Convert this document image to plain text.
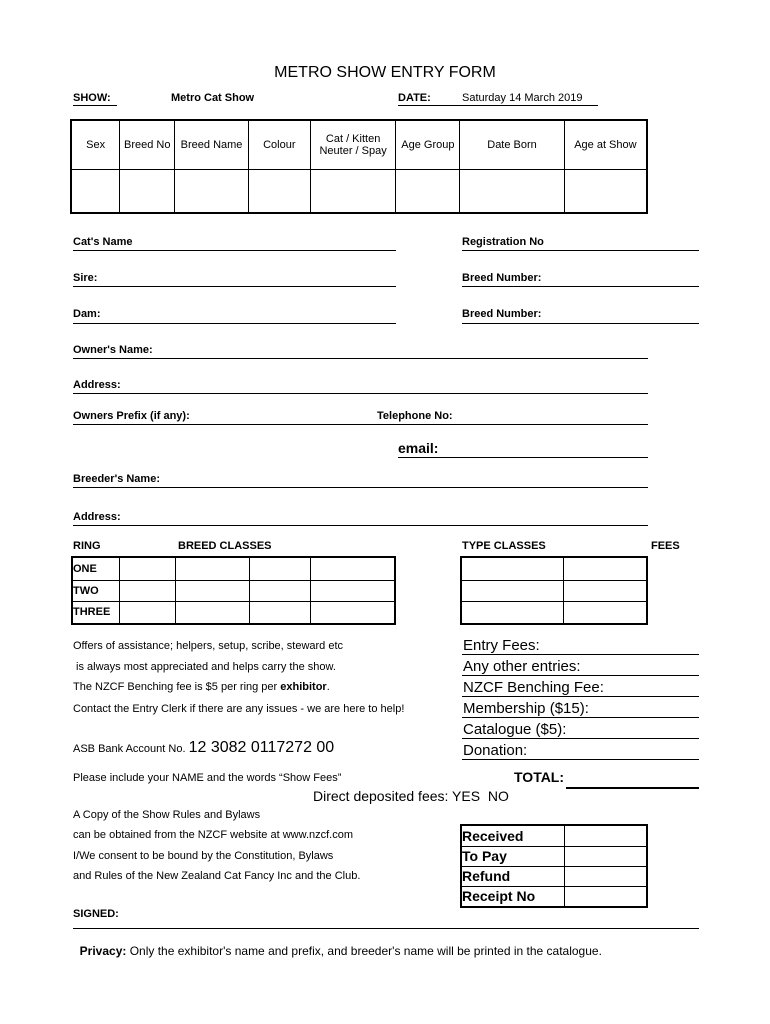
METRO SHOW ENTRY FORM
SHOW:	Metro Cat Show	DATE:	Saturday 14 March 2019
Sex	Breed No	Breed Name	Colour	Cat / Kitten Neuter / Spay	Age Group	Date Born	Age at Show

Cat's Name	Registration No
Sire:	Breed Number:
Dam:	Breed Number:
Owner's Name:
Address:
Owners Prefix (if any):	Telephone No:
email:
Breeder's Name:
Address:
RING	BREED CLASSES	TYPE CLASSES	FEES
ONE				
TWO				
THREE				

Offers of assistance; helpers, setup, scribe, steward etc
is always most appreciated and helps carry the show.
The NZCF Benching fee is $5 per ring per exhibitor.
Contact the Entry Clerk if there are any issues - we are here to help!
ASB Bank Account No. 12 3082 0117272 00
Please include your NAME and the words “Show Fees”
Direct deposited fees: YES  NO
A Copy of the Show Rules and Bylaws
can be obtained from the NZCF website at www.nzcf.com
I/We consent to be bound by the Constitution, Bylaws
and Rules of the New Zealand Cat Fancy Inc and the Club.
Entry Fees:
Any other entries:
NZCF Benching Fee:
Membership ($15):
Catalogue ($5):
Donation:
TOTAL:
Received	
To Pay	
Refund	
Receipt No	
SIGNED:

Privacy: Only the exhibitor's name and prefix, and breeder's name will be printed in the catalogue.
